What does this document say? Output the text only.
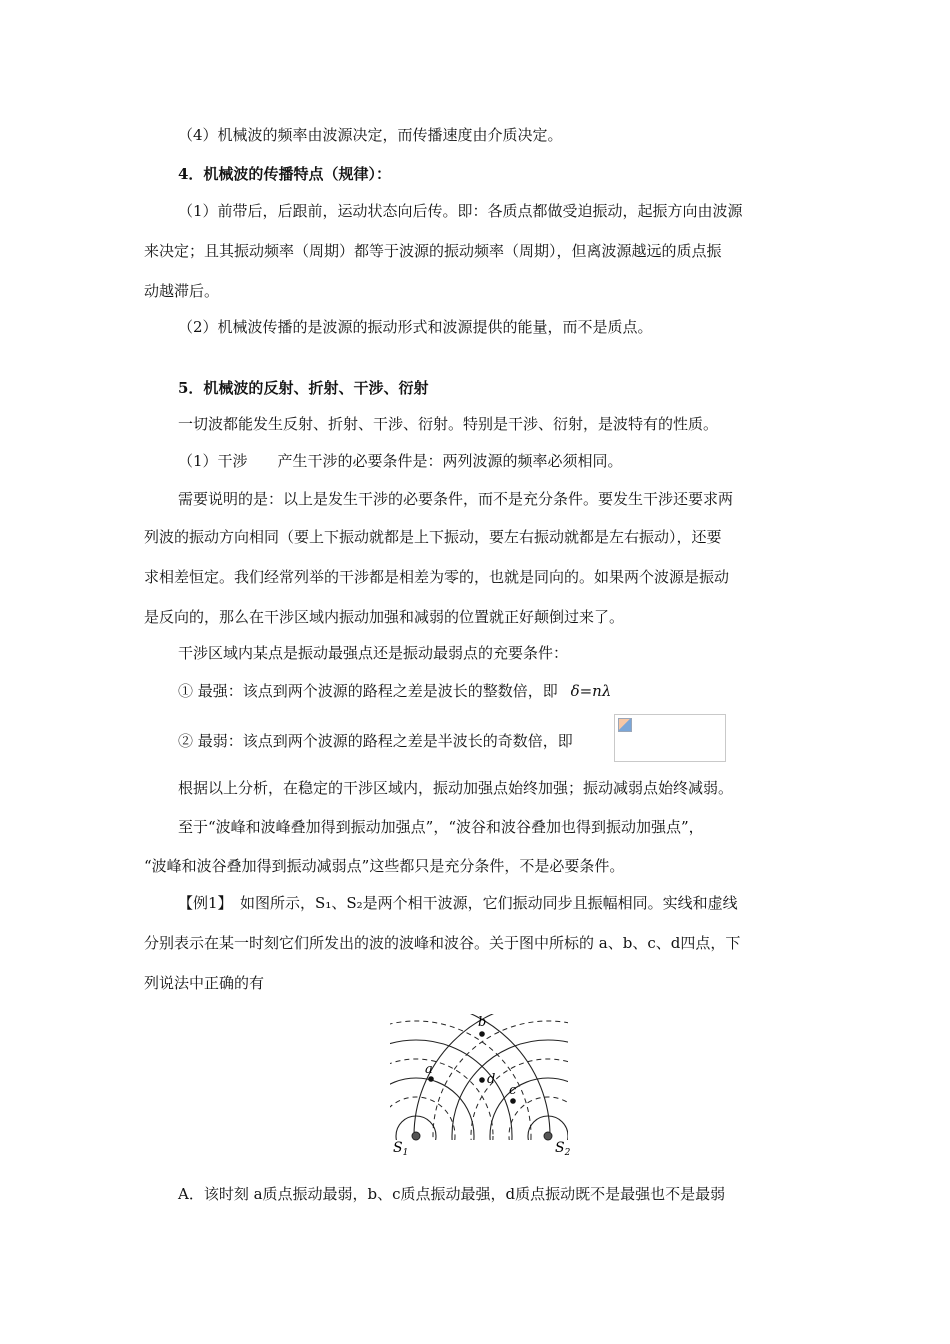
（4）机械波的频率由波源决定，而传播速度由介质决定。
4．机械波的传播特点（规律）：
（1）前带后，后跟前，运动状态向后传。即：各质点都做受迫振动，起振方向由波源
来决定；且其振动频率（周期）都等于波源的振动频率（周期），但离波源越远的质点振
动越滞后。
（2）机械波传播的是波源的振动形式和波源提供的能量，而不是质点。
5．机械波的反射、折射、干涉、衍射
一切波都能发生反射、折射、干涉、衍射。特别是干涉、衍射，是波特有的性质。
（1）干涉　　产生干涉的必要条件是：两列波源的频率必须相同。
需要说明的是：以上是发生干涉的必要条件，而不是充分条件。要发生干涉还要求两
列波的振动方向相同（要上下振动就都是上下振动，要左右振动就都是左右振动），还要
求相差恒定。我们经常列举的干涉都是相差为零的，也就是同向的。如果两个波源是振动
是反向的，那么在干涉区域内振动加强和减弱的位置就正好颠倒过来了。
干涉区域内某点是振动最强点还是振动最弱点的充要条件：
① 最强：该点到两个波源的路程之差是波长的整数倍，即 δ=nλ
② 最弱：该点到两个波源的路程之差是半波长的奇数倍，即
根据以上分析，在稳定的干涉区域内，振动加强点始终加强；振动减弱点始终减弱。
至于“波峰和波峰叠加得到振动加强点”，“波谷和波谷叠加也得到振动加强点”，
“波峰和波谷叠加得到振动减弱点”这些都只是充分条件，不是必要条件。
【例1】　如图所示，S₁、S₂是两个相干波源，它们振动同步且振幅相同。实线和虚线
分别表示在某一时刻它们所发出的波的波峰和波谷。关于图中所标的 a、b、c、d四点，下
列说法中正确的有
b
a
d
c
$S_1$	$S_2$
A．该时刻 a质点振动最弱，b、c质点振动最强，d质点振动既不是最强也不是最弱
